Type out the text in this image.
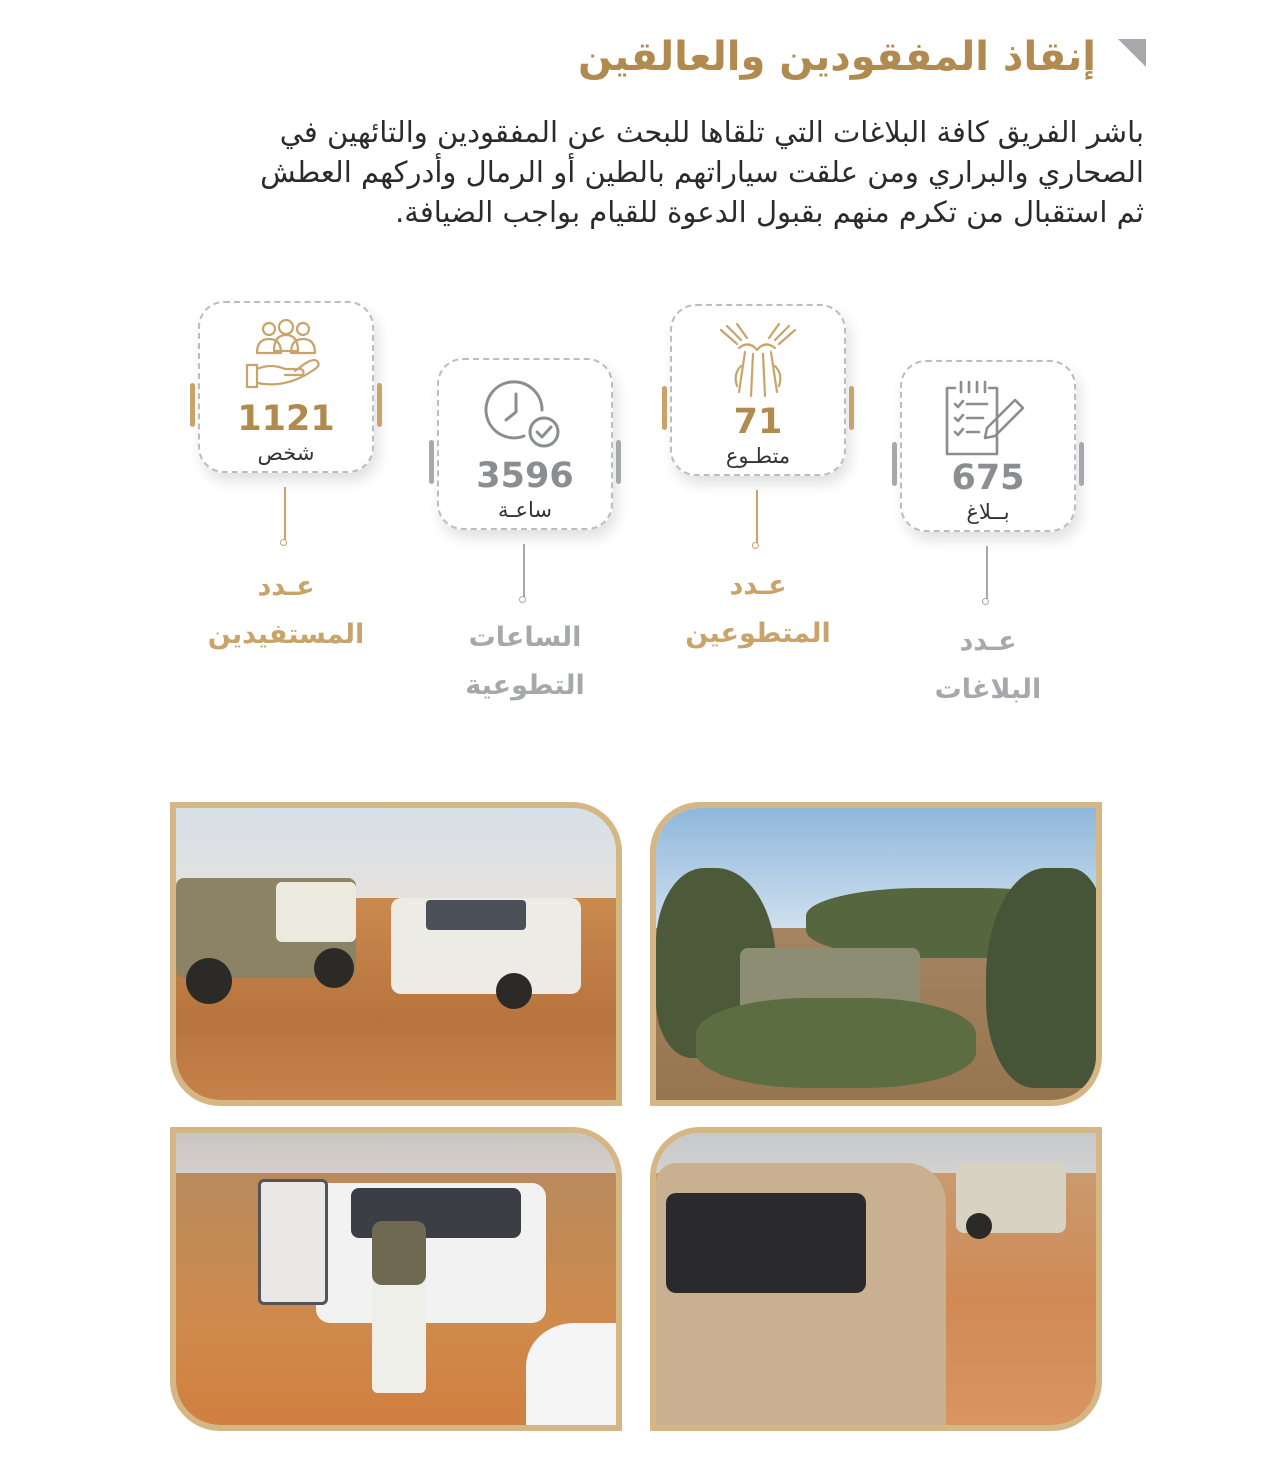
إنقاذ المفقودين والعالقين

باشر الفريق كافة البلاغات التي تلقاها للبحث عن المفقودين والتائهين في
الصحاري والبراري ومن علقت سياراتهم بالطين أو الرمال وأدركهم العطش
ثم استقبال من تكرم منهم بقبول الدعوة للقيام بواجب الضيافة.

1121
شخص
عـدد
المستفيدين
3596
ساعـة
الساعات
التطوعية
71
متطـوع
عـدد
المتطوعين
675
بــلاغ
عـدد
البلاغات
